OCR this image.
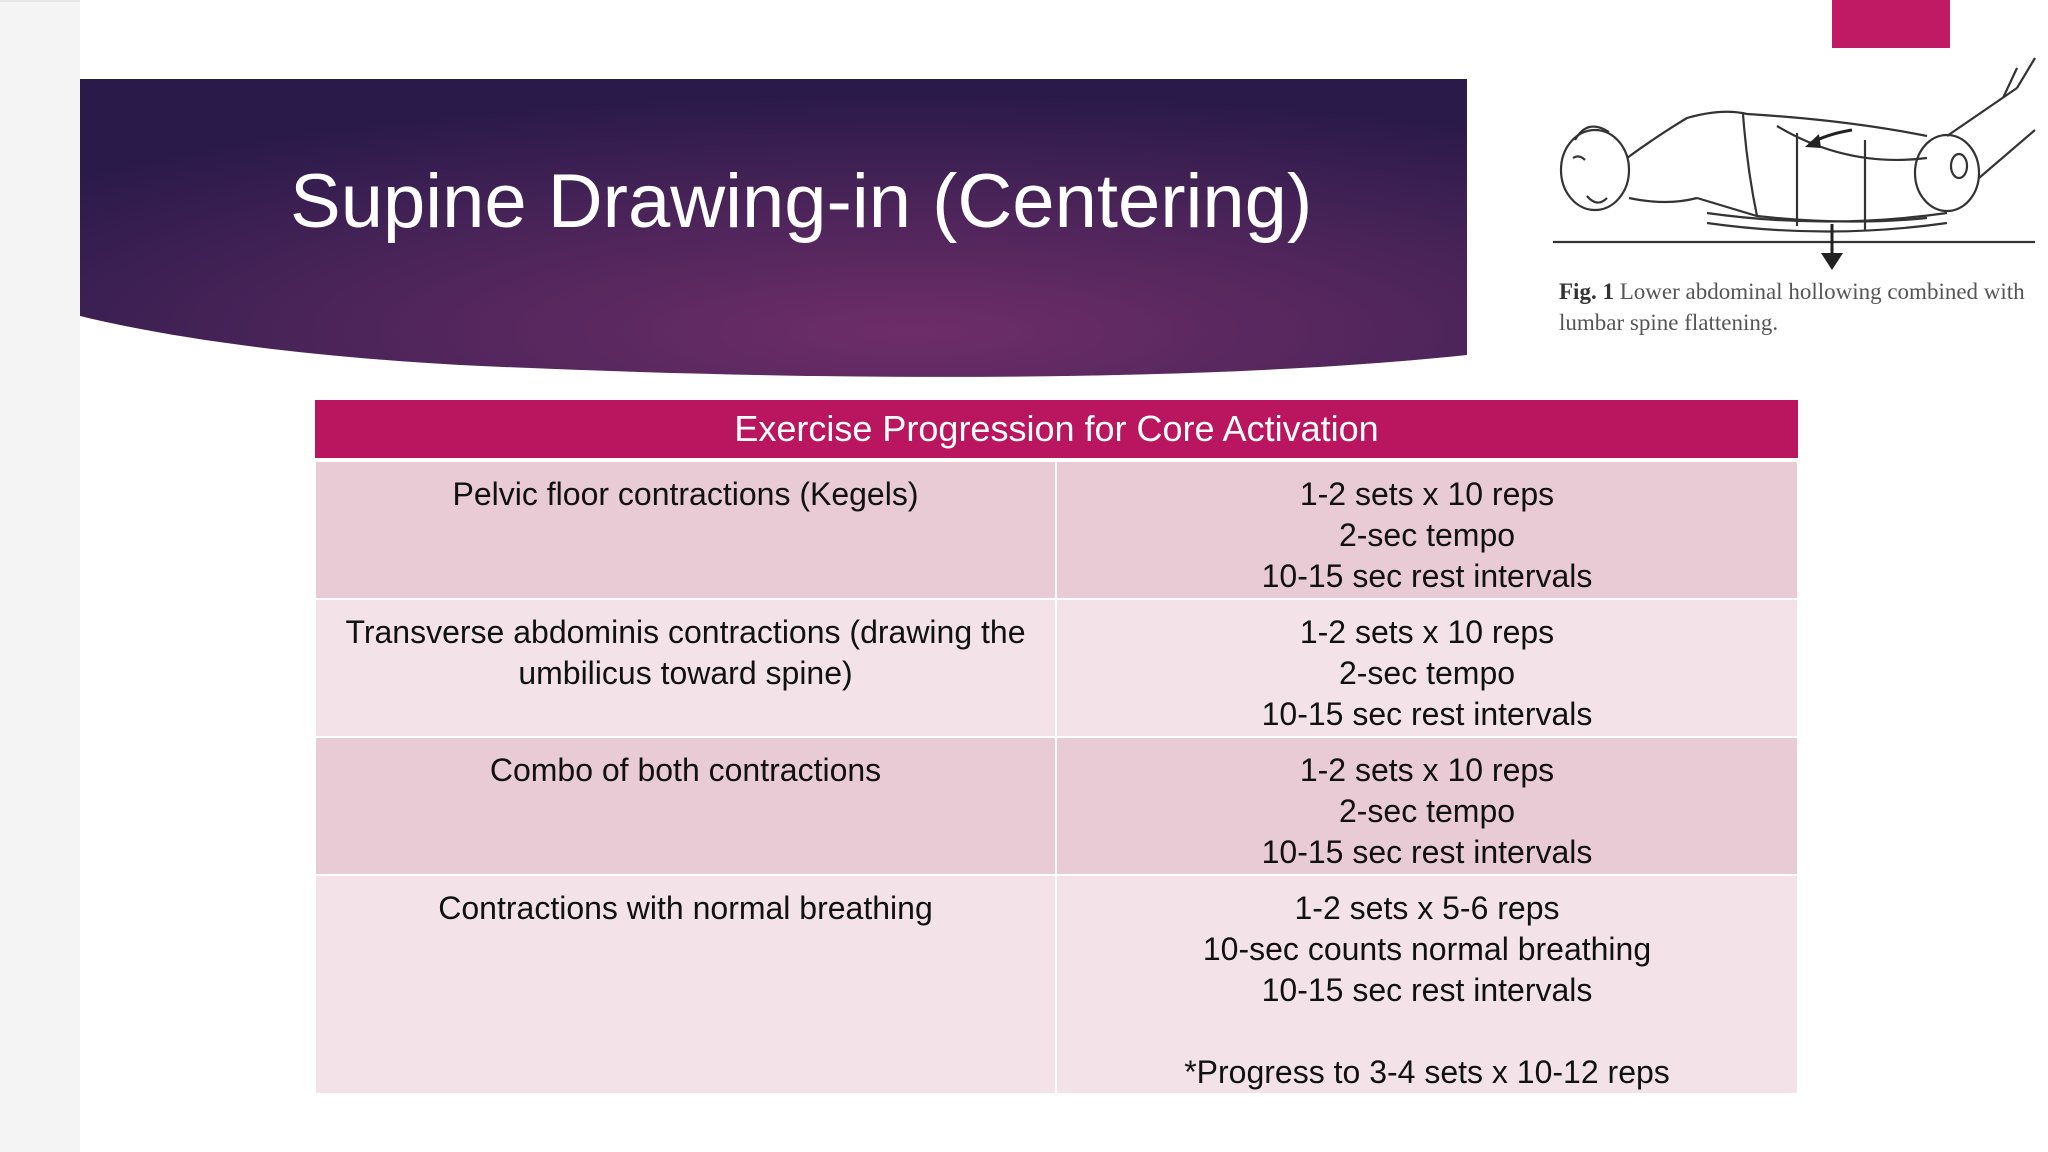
Supine Drawing-in (Centering)
Fig. 1 Lower abdominal hollowing combined with lumbar spine flattening.
Exercise Progression for Core Activation	

Pelvic floor contractions (Kegels)	1-2 sets x 10 reps
2-sec tempo
10-15 sec rest intervals

Transverse abdominis contractions (drawing the umbilicus toward spine)	1-2 sets x 10 reps
2-sec tempo
10-15 sec rest intervals

Combo of both contractions	1-2 sets x 10 reps
2-sec tempo
10-15 sec rest intervals

Contractions with normal breathing	1-2 sets x 5-6 reps
10-sec counts normal breathing
10-15 sec rest intervals
*Progress to 3-4 sets x 10-12 reps
